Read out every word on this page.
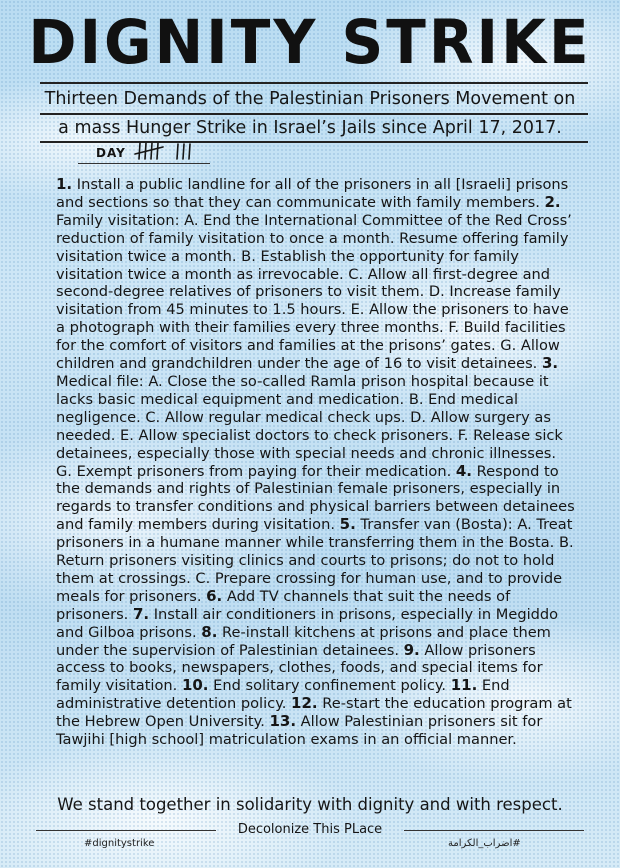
DIGNITY STRIKE
Thirteen Demands of the Palestinian Prisoners Movement on
a mass Hunger Strike in Israel’s Jails since April 17, 2017.
DAY

1. Install a public landline for all of the prisoners in all [Israeli] prisons and sections so that they can communicate with family members. 2. Family visitation: A. End the International Committee of the Red Cross’ reduction of family visitation to once a month. Resume offering family visitation twice a month. B. Establish the opportunity for family visitation twice a month as irrevocable. C. Allow all first-degree and second-degree relatives of prisoners to visit them. D. Increase family visitation from 45 minutes to 1.5 hours. E. Allow the prisoners to have a photograph with their families every three months. F. Build facilities for the comfort of visitors and families at the prisons’ gates. G. Allow children and grandchildren under the age of 16 to visit detainees. 3. Medical file: A. Close the so-called Ramla prison hospital because it lacks basic medical equipment and medication. B. End medical negligence. C. Allow regular medical check ups. D. Allow surgery as needed. E. Allow specialist doctors to check prisoners. F. Release sick detainees, especially those with special needs and chronic illnesses. G. Exempt prisoners from paying for their medication. 4. Respond to the demands and rights of Palestinian female prisoners, especially in regards to transfer conditions and physical barriers between detainees and family members during visitation. 5. Transfer van (Bosta): A. Treat prisoners in a humane manner while transferring them in the Bosta. B. Return prisoners visiting clinics and courts to prisons; do not to hold them at crossings. C. Prepare crossing for human use, and to provide meals for prisoners. 6. Add TV channels that suit the needs of prisoners. 7. Install air conditioners in prisons, especially in Megiddo and Gilboa prisons. 8. Re-install kitchens at prisons and place them under the supervision of Palestinian detainees. 9. Allow prisoners access to books, newspapers, clothes, foods, and special items for family visitation. 10. End solitary confinement policy. 11. End administrative detention policy. 12. Re-start the education program at the Hebrew Open University. 13. Allow Palestinian prisoners sit for Tawjihi [high school] matriculation exams in an official manner.

We stand together in solidarity with dignity and with respect.
Decolonize This PLace
#dignitystrike	#اضراب_الكرامة
